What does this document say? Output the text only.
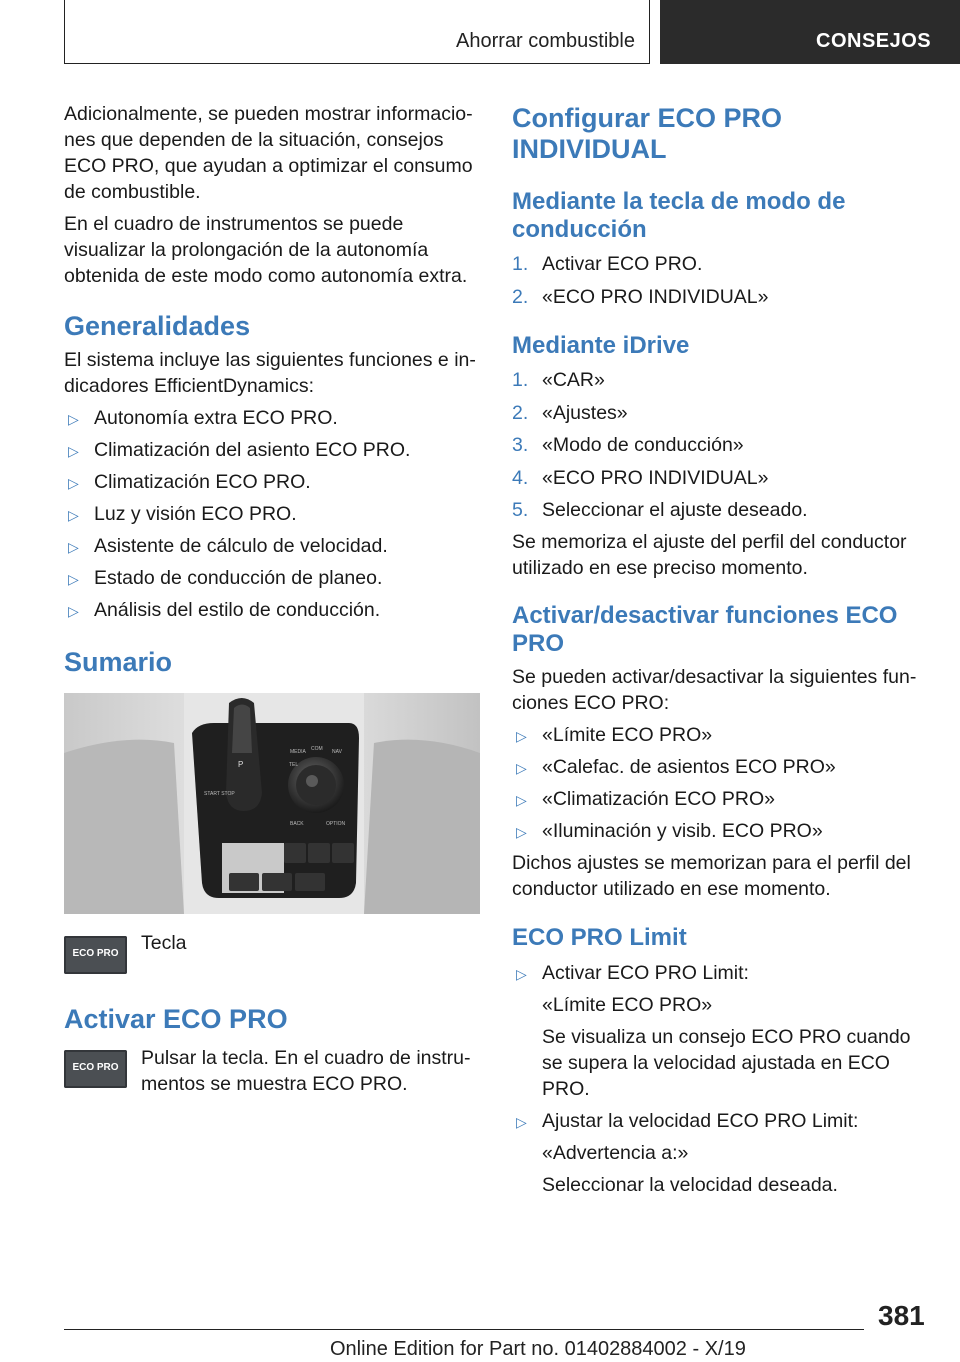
Ahorrar combustible	CONSEJOS

Adicionalmente, se pueden mostrar informacio-nes que dependen de la situación, consejos ECO PRO, que ayudan a optimizar el consumo de combustible.

En el cuadro de instrumentos se puede visualizar la prolongación de la autonomía obtenida de este modo como autonomía extra.

Generalidades

El sistema incluye las siguientes funciones e in-dicadores EfficientDynamics:

▷ Autonomía extra ECO PRO.
▷ Climatización del asiento ECO PRO.
▷ Climatización ECO PRO.
▷ Luz y visión ECO PRO.
▷ Asistente de cálculo de velocidad.
▷ Estado de conducción de planeo.
▷ Análisis del estilo de conducción.
Sumario
P
MEDIA COM NAV
TEL
START STOP
BACK	OPTION
ECO PRO	Tecla

Activar ECO PRO
ECO PRO	Pulsar la tecla. En el cuadro de instru-mentos se muestra ECO PRO.

Configurar ECO PRO INDIVIDUAL
Mediante la tecla de modo de conducción
1. Activar ECO PRO.
2. «ECO PRO INDIVIDUAL»
Mediante iDrive
1. «CAR»
2. «Ajustes»
3. «Modo de conducción»
4. «ECO PRO INDIVIDUAL»
5. Seleccionar el ajuste deseado.

Se memoriza el ajuste del perfil del conductor utilizado en ese preciso momento.

Activar/desactivar funciones ECO PRO

Se pueden activar/desactivar la siguientes fun-ciones ECO PRO:

▷ «Límite ECO PRO»
▷ «Calefac. de asientos ECO PRO»
▷ «Climatización ECO PRO»
▷ «Iluminación y visib. ECO PRO»

Dichos ajustes se memorizan para el perfil del conductor utilizado en ese momento.

ECO PRO Limit
▷ Activar ECO PRO Limit:
«Límite ECO PRO»
Se visualiza un consejo ECO PRO cuando se supera la velocidad ajustada en ECO PRO.
▷ Ajustar la velocidad ECO PRO Limit:
«Advertencia a:»
Seleccionar la velocidad deseada.
381
Online Edition for Part no. 01402884002 - X/19
